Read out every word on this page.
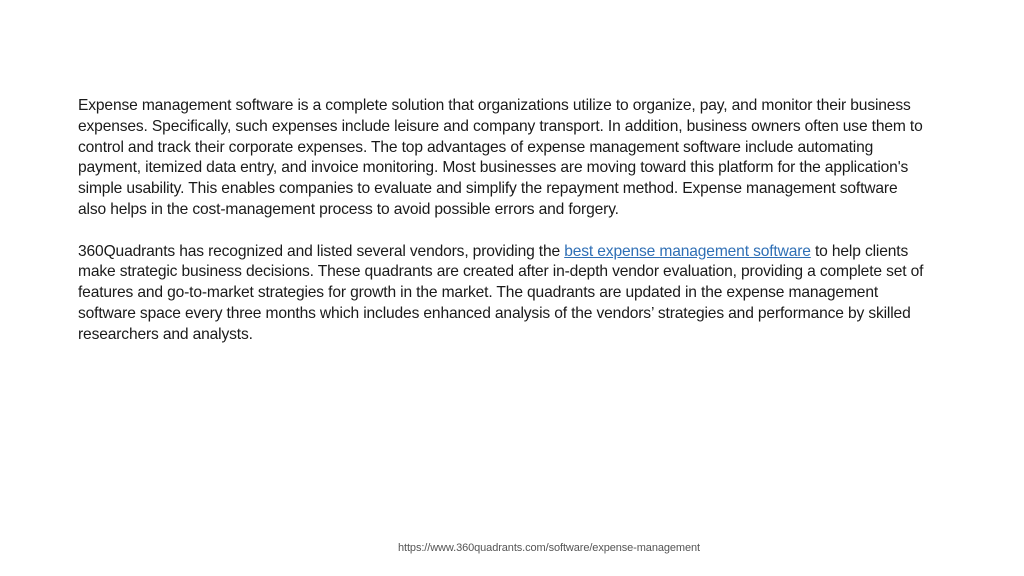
Expense management software is a complete solution that organizations utilize to organize, pay, and monitor their business expenses. Specifically, such expenses include leisure and company transport. In addition, business owners often use them to control and track their corporate expenses. The top advantages of expense management software include automating payment, itemized data entry, and invoice monitoring. Most businesses are moving toward this platform for the application's simple usability. This enables companies to evaluate and simplify the repayment method. Expense management software also helps in the cost-management process to avoid possible errors and forgery.

360Quadrants has recognized and listed several vendors, providing the best expense management software to help clients make strategic business decisions. These quadrants are created after in-depth vendor evaluation, providing a complete set of features and go-to-market strategies for growth in the market. The quadrants are updated in the expense management software space every three months which includes enhanced analysis of the vendors’ strategies and performance by skilled researchers and analysts.

https://www.360quadrants.com/software/expense-management
